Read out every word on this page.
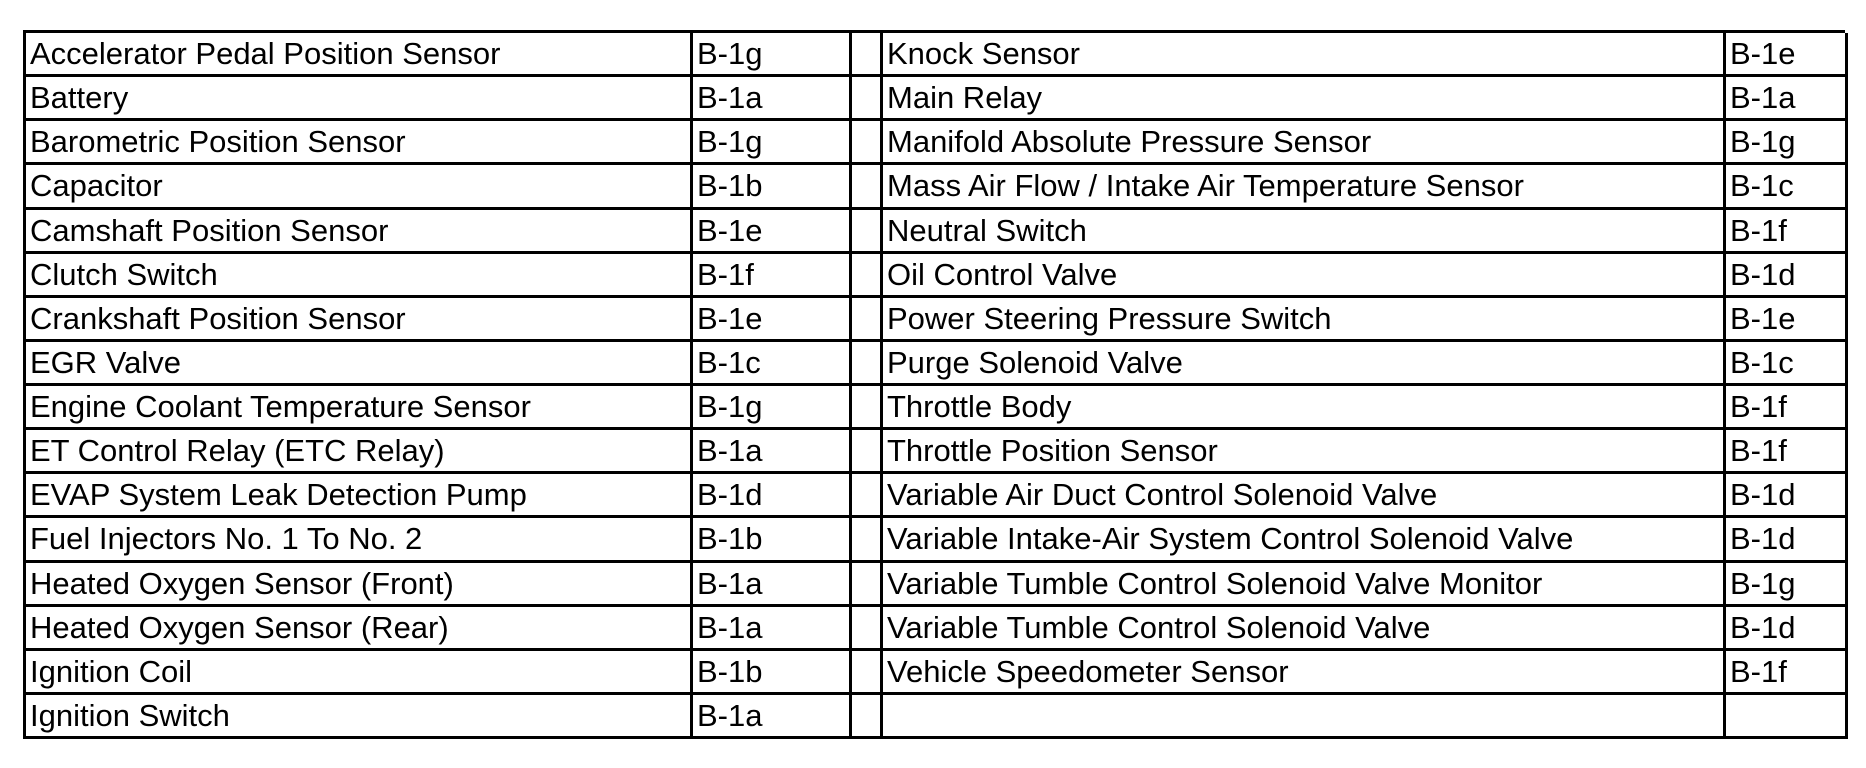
Accelerator Pedal Position Sensor	B-1g	Knock Sensor	B-1e
Battery	B-1a	Main Relay	B-1a
Barometric Position Sensor	B-1g	Manifold Absolute Pressure Sensor	B-1g
Capacitor	B-1b	Mass Air Flow / Intake Air Temperature Sensor	B-1c
Camshaft Position Sensor	B-1e	Neutral Switch	B-1f
Clutch Switch	B-1f	Oil Control Valve	B-1d
Crankshaft Position Sensor	B-1e	Power Steering Pressure Switch	B-1e
EGR Valve	B-1c	Purge Solenoid Valve	B-1c
Engine Coolant Temperature Sensor	B-1g	Throttle Body	B-1f
ET Control Relay (ETC Relay)	B-1a	Throttle Position Sensor	B-1f
EVAP System Leak Detection Pump	B-1d	Variable Air Duct Control Solenoid Valve	B-1d
Fuel Injectors No. 1 To No. 2	B-1b	Variable Intake-Air System Control Solenoid Valve	B-1d
Heated Oxygen Sensor (Front)	B-1a	Variable Tumble Control Solenoid Valve Monitor	B-1g
Heated Oxygen Sensor (Rear)	B-1a	Variable Tumble Control Solenoid Valve	B-1d
Ignition Coil	B-1b	Vehicle Speedometer Sensor	B-1f
Ignition Switch	B-1a
